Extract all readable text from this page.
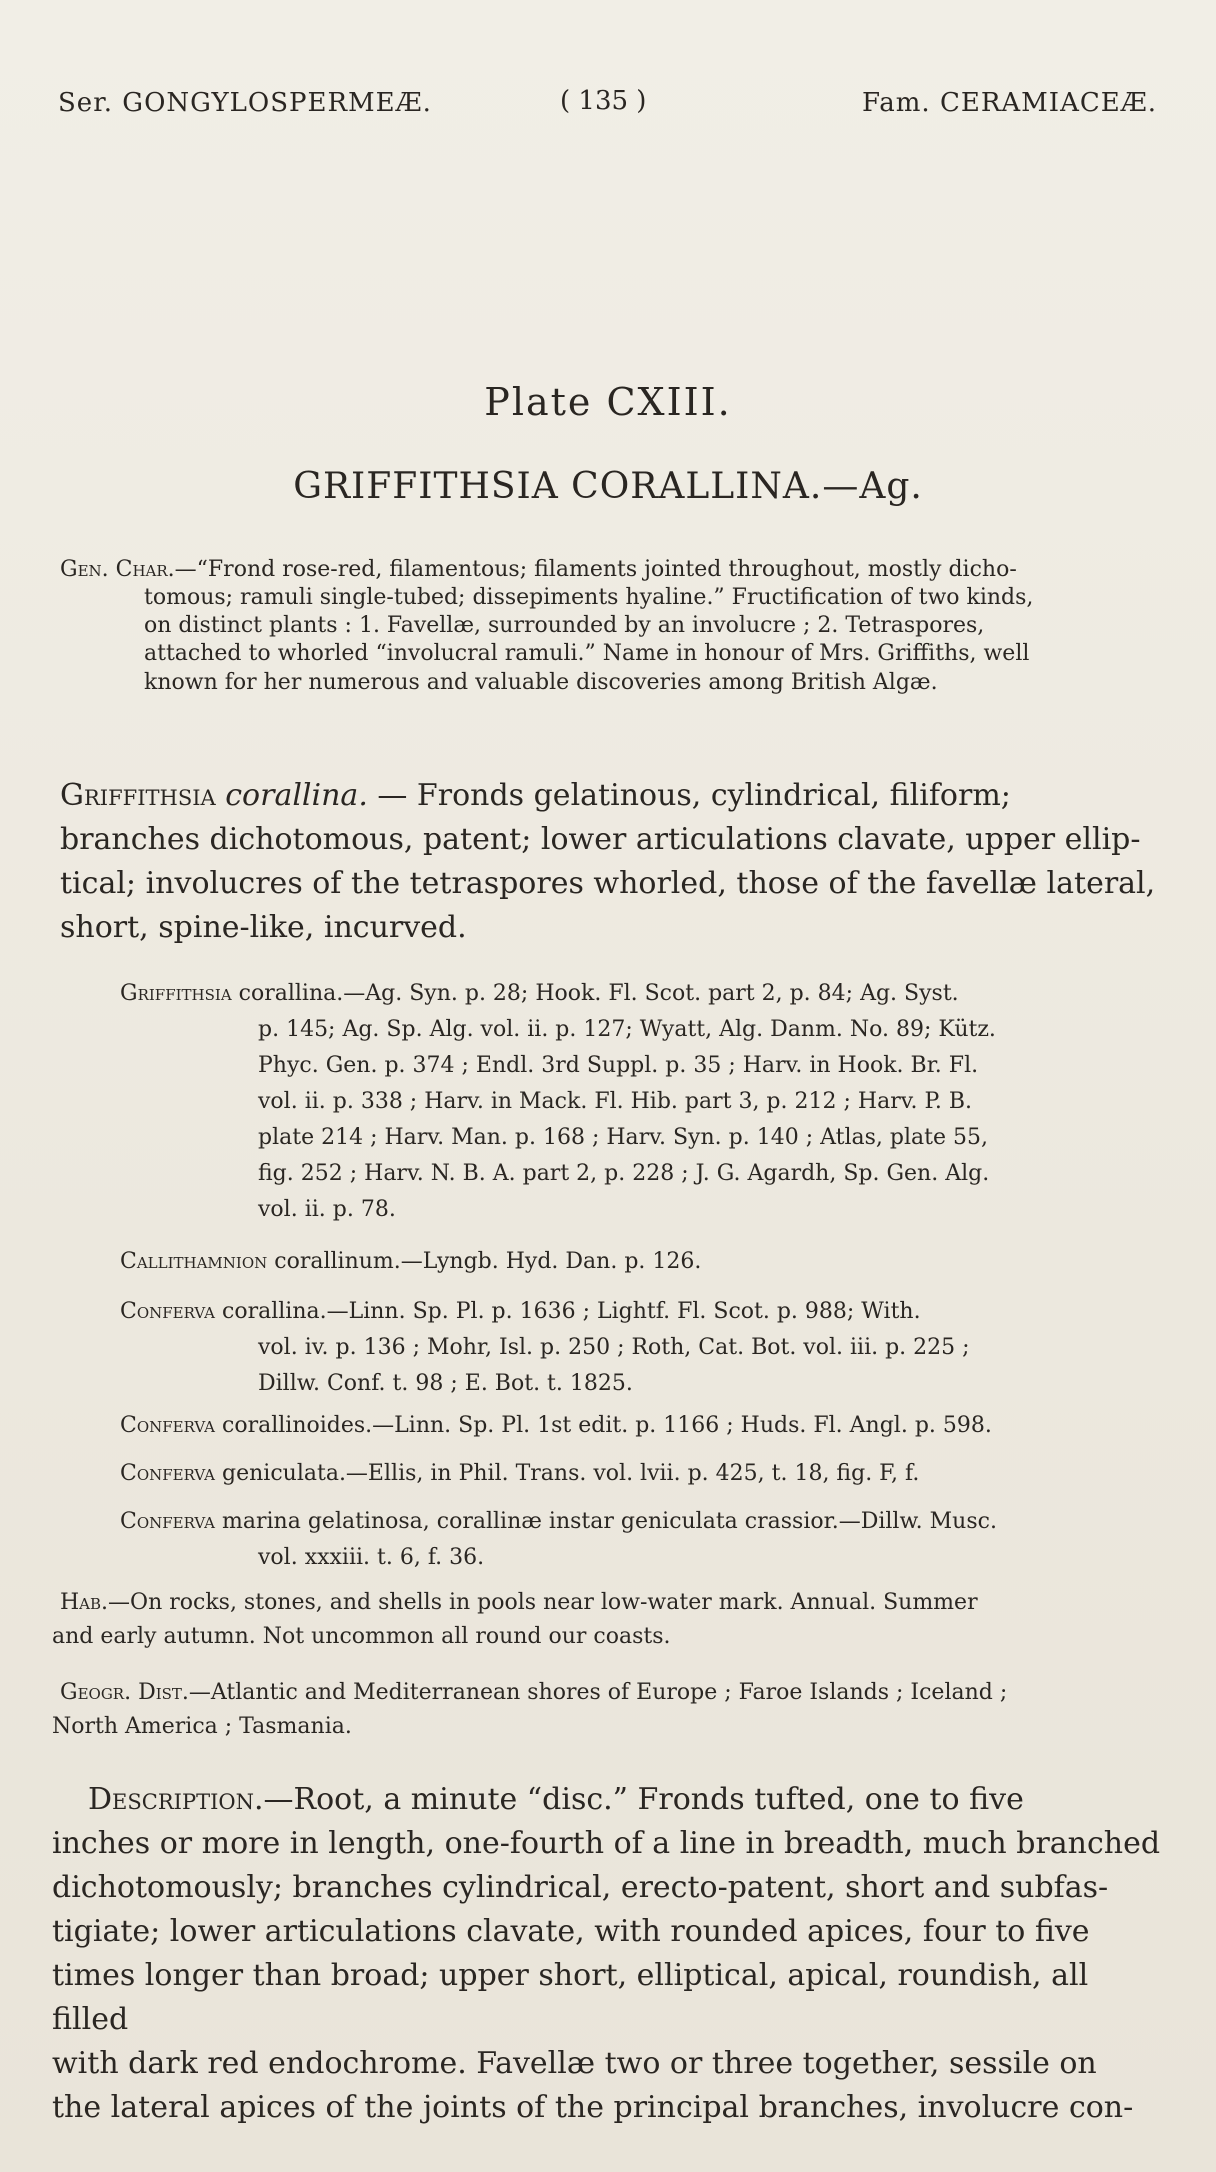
Ser. GONGYLOSPERMEÆ.	( 135 )	Fam. CERAMIACEÆ.
Plate CXIII.
GRIFFITHSIA CORALLINA.—Ag.
Gen. Char.—“Frond rose-red, filamentous; filaments jointed throughout, mostly dicho-
tomous; ramuli single-tubed; dissepiments hyaline.” Fructification of two kinds,
on distinct plants : 1. Favellæ, surrounded by an involucre ; 2. Tetraspores,
attached to whorled “involucral ramuli.” Name in honour of Mrs. Griffiths, well
known for her numerous and valuable discoveries among British Algæ.
Griffithsia corallina. — Fronds gelatinous, cylindrical, filiform;
branches dichotomous, patent; lower articulations clavate, upper ellip-
tical; involucres of the tetraspores whorled, those of the favellæ lateral,
short, spine-like, incurved.
Griffithsia corallina.—Ag. Syn. p. 28; Hook. Fl. Scot. part 2, p. 84; Ag. Syst.
p. 145; Ag. Sp. Alg. vol. ii. p. 127; Wyatt, Alg. Danm. No. 89; Kütz.
Phyc. Gen. p. 374 ; Endl. 3rd Suppl. p. 35 ; Harv. in Hook. Br. Fl.
vol. ii. p. 338 ; Harv. in Mack. Fl. Hib. part 3, p. 212 ; Harv. P. B.
plate 214 ; Harv. Man. p. 168 ; Harv. Syn. p. 140 ; Atlas, plate 55,
fig. 252 ; Harv. N. B. A. part 2, p. 228 ; J. G. Agardh, Sp. Gen. Alg.
vol. ii. p. 78.
Callithamnion corallinum.—Lyngb. Hyd. Dan. p. 126.
Conferva corallina.—Linn. Sp. Pl. p. 1636 ; Lightf. Fl. Scot. p. 988; With.
vol. iv. p. 136 ; Mohr, Isl. p. 250 ; Roth, Cat. Bot. vol. iii. p. 225 ;
Dillw. Conf. t. 98 ; E. Bot. t. 1825.
Conferva corallinoides.—Linn. Sp. Pl. 1st edit. p. 1166 ; Huds. Fl. Angl. p. 598.
Conferva geniculata.—Ellis, in Phil. Trans. vol. lvii. p. 425, t. 18, fig. F, f.
Conferva marina gelatinosa, corallinæ instar geniculata crassior.—Dillw. Musc.
vol. xxxiii. t. 6, f. 36.
Hab.—On rocks, stones, and shells in pools near low-water mark. Annual. Summer
and early autumn. Not uncommon all round our coasts.
Geogr. Dist.—Atlantic and Mediterranean shores of Europe ; Faroe Islands ; Iceland ;
North America ; Tasmania.
Description.—Root, a minute “disc.” Fronds tufted, one to five
inches or more in length, one-fourth of a line in breadth, much branched
dichotomously; branches cylindrical, erecto-patent, short and subfas-
tigiate; lower articulations clavate, with rounded apices, four to five
times longer than broad; upper short, elliptical, apical, roundish, all filled
with dark red endochrome. Favellæ two or three together, sessile on
the lateral apices of the joints of the principal branches, involucre con-
